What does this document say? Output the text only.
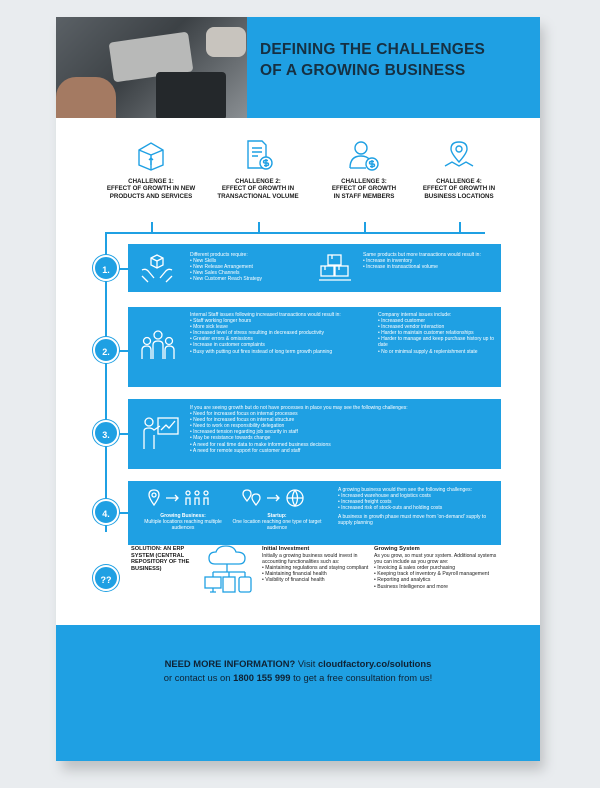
DEFINING THE CHALLENGES
OF A GROWING BUSINESS
CHALLENGE 1:
EFFECT OF GROWTH IN NEW
PRODUCTS AND SERVICES
CHALLENGE 2:
EFFECT OF GROWTH IN
TRANSACTIONAL VOLUME
CHALLENGE 3:
EFFECT OF GROWTH
IN STAFF MEMBERS
CHALLENGE 4:
EFFECT OF GROWTH IN
BUSINESS LOCATIONS
1.
Different products require:
• New Skills
• New Release Arrangement
• New Sales Channels
• New Customer Reach Strategy
Same products but more transactions would result in:
• Increase in inventory
• Increase in transactional volume
2.
Internal Staff issues following increased transactions would result in:
• Staff working longer hours
• More sick leave
• Increased level of stress resulting in decreased productivity
• Greater errors & omissions
• Increase in customer complaints
• Busy with putting out fires instead of long term growth planning
Company internal issues include:
• Increased customer
• Increased vendor interaction
• Harder to maintain customer relationships
• Harder to manage and keep purchase history up to date
• No or minimal supply & replenishment state
3.
If you are seeing growth but do not have processes in place you may see the following challenges:
• Need for increased focus on internal processes
• Need for increased focus on internal structure
• Need to work on responsibility delegation
• Increased tension regarding job security in staff
• May be resistance towards change
• A need for real time data to make informed business decisions
• A need for remote support for customer and staff
4.	Growing Business:
Multiple locations reaching multiple audiences
Startup:
One location reaching one type of target audience
A growing business would then see the following challenges:
• Increased warehouse and logistics costs
• Increased freight costs
• Increased risk of stock-outs and holding costs
A business in growth phase must move from 'on-demand' supply to supply planning
??
SOLUTION: AN ERP SYSTEM (CENTRAL REPOSITORY OF THE BUSINESS)
Initial Investment
Initially a growing business would invest in accounting functionalities such as:
• Maintaining regulations and staying compliant
• Maintaining financial health
• Visibility of financial health
Growing System
As you grow, so must your system. Additional systems you can include as you grow are:
• Invoicing & sales order purchasing
• Keeping track of inventory & Payroll management
• Reporting and analytics
• Business Intelligence and more
NEED MORE INFORMATION? Visit cloudfactory.co/solutions
or contact us on 1800 155 999 to get a free consultation from us!
